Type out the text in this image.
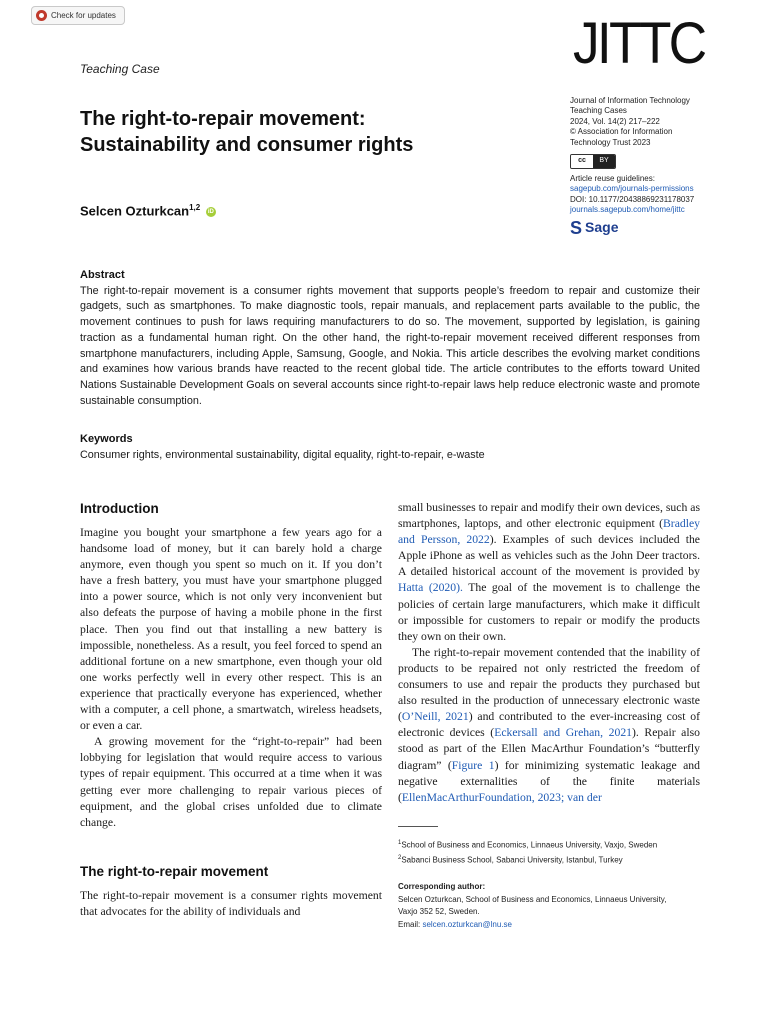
Check for updates	JITTC
Teaching Case
The right-to-repair movement:
Sustainability and consumer rights
Journal of Information Technology
Teaching Cases
2024, Vol. 14(2) 217–222
© Association for Information
Technology Trust 2023
cc	BY
Article reuse guidelines:
sagepub.com/journals-permissions
DOI: 10.1177/20438869231178037
journals.sagepub.com/home/jittc
S Sage
Selcen Ozturkcan$^{1,2}$ iD
Abstract
The right-to-repair movement is a consumer rights movement that supports people’s freedom to repair and customize their gadgets, such as smartphones. To make diagnostic tools, repair manuals, and replacement parts available to the public, the movement continues to push for laws requiring manufacturers to do so. The movement, supported by legislation, is gaining traction as a fundamental human right. On the other hand, the right-to-repair movement received different responses from smartphone manufacturers, including Apple, Samsung, Google, and Nokia. This article describes the evolving market conditions and examines how various brands have reacted to the recent global tide. The article contributes to the efforts toward United Nations Sustainable Development Goals on several accounts since right-to-repair laws help reduce electronic waste and promote sustainable consumption.
Keywords
Consumer rights, environmental sustainability, digital equality, right-to-repair, e-waste
Introduction

Imagine you bought your smartphone a few years ago for a handsome load of money, but it can barely hold a charge anymore, even though you spent so much on it. If you don’t have a fresh battery, you must have your smartphone plugged into a power source, which is not only very inconvenient but also defeats the purpose of having a mobile phone in the first place. Then you find out that installing a new battery is impossible, nonetheless. As a result, you feel forced to spend an additional fortune on a new smartphone, even though your old one works perfectly well in every other respect. This is an experience that practically everyone has experienced, whether with a computer, a cell phone, a smartwatch, wireless headsets, or even a car.

A growing movement for the “right-to-repair” had been lobbying for legislation that would require access to various types of repair equipment. This occurred at a time when it was getting ever more challenging to repair various pieces of equipment, and the global crises unfolded due to climate change.

The right-to-repair movement

The right-to-repair movement is a consumer rights movement that advocates for the ability of individuals and

small businesses to repair and modify their own devices, such as smartphones, laptops, and other electronic equipment (Bradley and Persson, 2022). Examples of such devices included the Apple iPhone as well as vehicles such as the John Deer tractors. A detailed historical account of the movement is provided by Hatta (2020). The goal of the movement is to challenge the policies of certain large manufacturers, which make it difficult or impossible for customers to repair or modify the products they own on their own.

The right-to-repair movement contended that the inability of products to be repaired not only restricted the freedom of consumers to use and repair the products they purchased but also resulted in the production of unnecessary electronic waste (O’Neill, 2021) and contributed to the ever-increasing cost of electronic devices (Eckersall and Grehan, 2021). Repair also stood as part of the Ellen MacArthur Foundation’s “butterfly diagram” (Figure 1) for minimizing systematic leakage and negative externalities of the finite materials (EllenMacArthurFoundation, 2023; van der

$^1$School of Business and Economics, Linnaeus University, Vaxjo, Sweden
$^2$Sabanci Business School, Sabanci University, Istanbul, Turkey
Corresponding author:
Selcen Ozturkcan, School of Business and Economics, Linnaeus University,
Vaxjo 352 52, Sweden.
Email: selcen.ozturkcan@lnu.se
